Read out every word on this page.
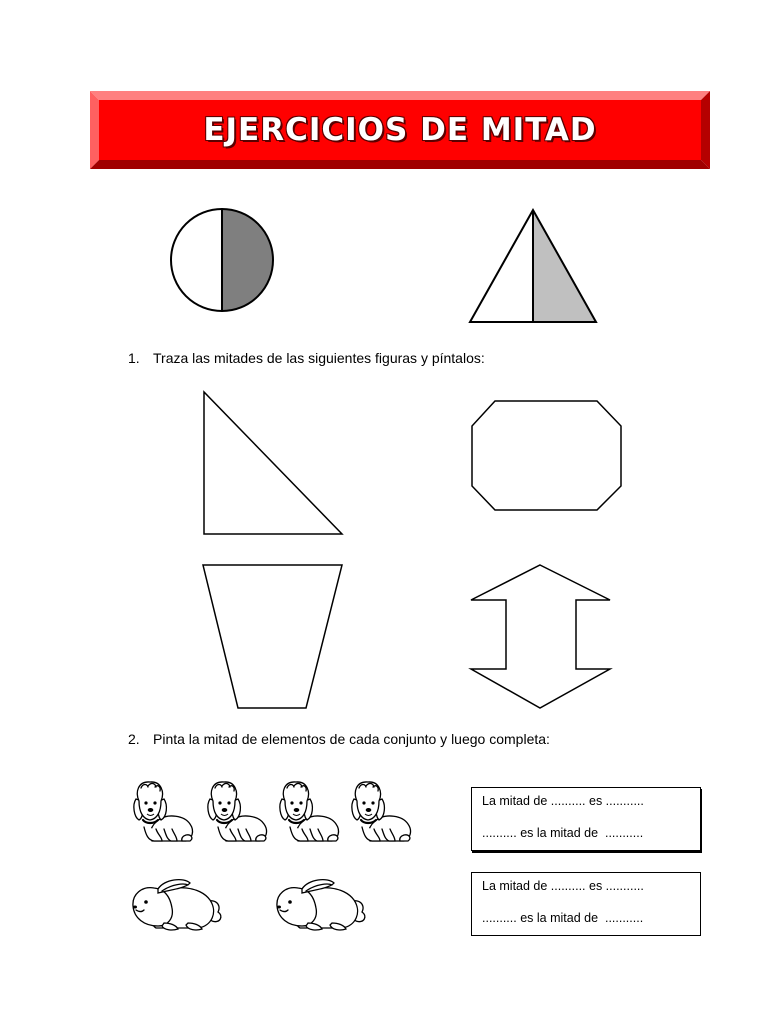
EJERCICIOS DE MITAD
1. Traza las mitades de las siguientes figuras y píntalos:
2. Pinta la mitad de elementos de cada conjunto y luego completa:
La mitad de .......... es ...........
.......... es la mitad de  ...........
La mitad de .......... es ...........
.......... es la mitad de  ...........
